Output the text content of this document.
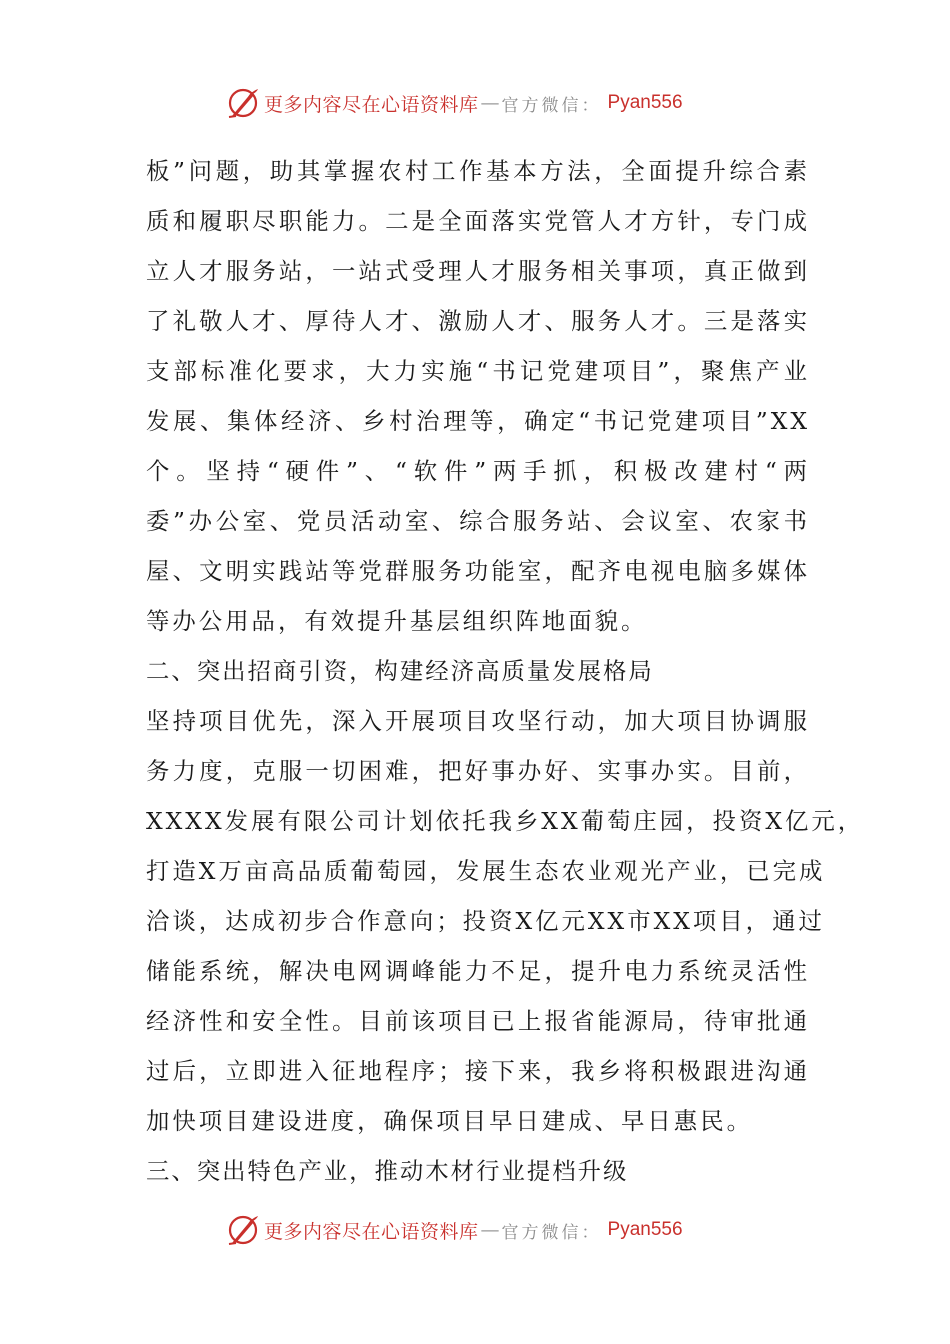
更多内容尽在心语资料库 — 官方微信： Pyan556
板”问题，助其掌握农村工作基本方法，全面提升综合素
质和履职尽职能力。二是全面落实党管人才方针，专门成
立人才服务站，一站式受理人才服务相关事项，真正做到
了礼敬人才、厚待人才、激励人才、服务人才。三是落实
支部标准化要求，大力实施“书记党建项目”，聚焦产业
发展、集体经济、乡村治理等，确定“书记党建项目”XX
个。坚持“硬件”、“软件”两手抓，积极改建村“两
委”办公室、党员活动室、综合服务站、会议室、农家书
屋、文明实践站等党群服务功能室，配齐电视电脑多媒体
等办公用品，有效提升基层组织阵地面貌。
二、突出招商引资，构建经济高质量发展格局
坚持项目优先，深入开展项目攻坚行动，加大项目协调服
务力度，克服一切困难，把好事办好、实事办实。目前，
XXXX发展有限公司计划依托我乡XX葡萄庄园，投资X亿元，
打造X万亩高品质葡萄园，发展生态农业观光产业，已完成
洽谈，达成初步合作意向；投资X亿元XX市XX项目，通过
储能系统，解决电网调峰能力不足，提升电力系统灵活性
经济性和安全性。目前该项目已上报省能源局，待审批通
过后，立即进入征地程序；接下来，我乡将积极跟进沟通
加快项目建设进度，确保项目早日建成、早日惠民。
三、突出特色产业，推动木材行业提档升级
更多内容尽在心语资料库 — 官方微信： Pyan556
